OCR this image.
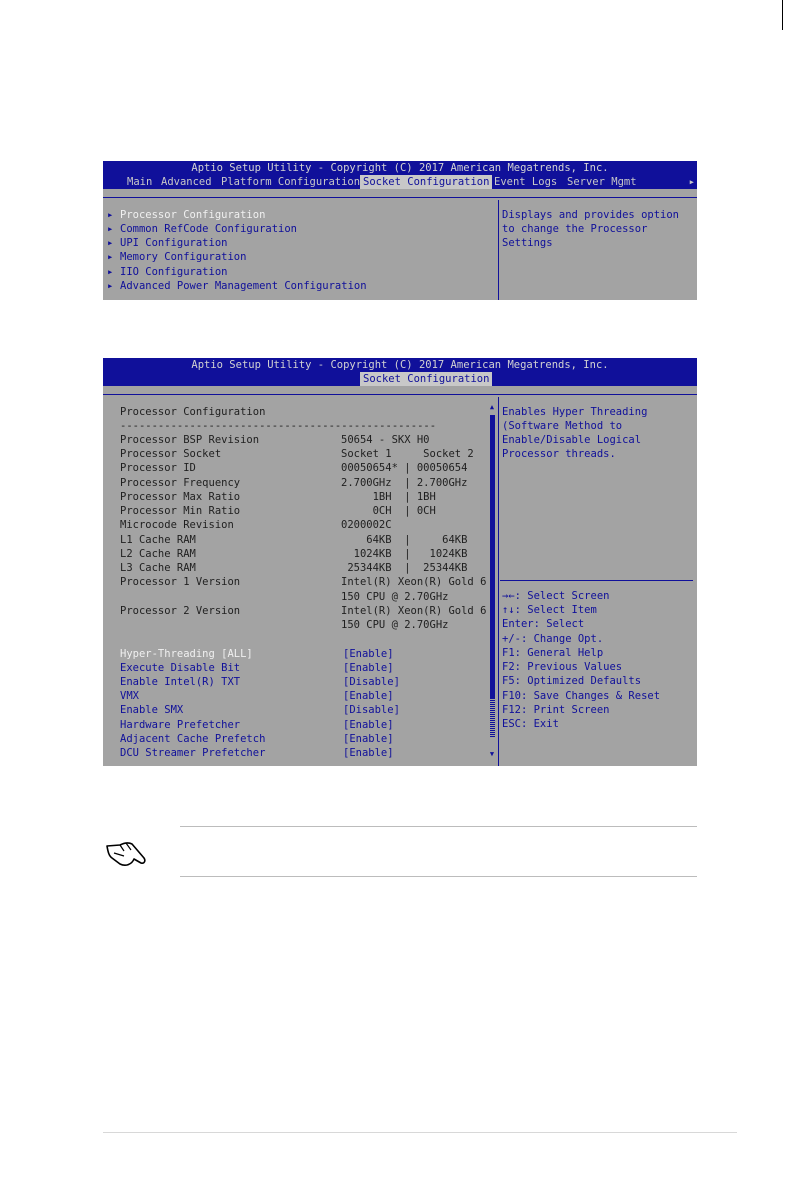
Aptio Setup Utility - Copyright (C) 2017 American Megatrends, Inc.
Main Advanced Platform Configuration Socket Configuration Event Logs Server Mgmt	▸
▸ Processor Configuration
▸ Common RefCode Configuration
▸ UPI Configuration
▸ Memory Configuration
▸ IIO Configuration
▸ Advanced Power Management Configuration
Displays and provides option
to change the Processor
Settings
Aptio Setup Utility - Copyright (C) 2017 American Megatrends, Inc.
Socket Configuration
Processor Configuration
--------------------------------------------------
Processor BSP Revision	50654 - SKX H0
Processor Socket	Socket 1     Socket 2
Processor ID	00050654* | 00050654
Processor Frequency	2.700GHz  | 2.700GHz
Processor Max Ratio	1BH  | 1BH
Processor Min Ratio	0CH  | 0CH
Microcode Revision	0200002C
L1 Cache RAM	64KB  |     64KB
L2 Cache RAM	1024KB  |   1024KB
L3 Cache RAM	25344KB  |  25344KB
Processor 1 Version	Intel(R) Xeon(R) Gold 6
150 CPU @ 2.70GHz
Processor 2 Version	Intel(R) Xeon(R) Gold 6
150 CPU @ 2.70GHz
Hyper-Threading [ALL]	[Enable]
Execute Disable Bit	[Enable]
Enable Intel(R) TXT	[Disable]
VMX	[Enable]
Enable SMX	[Disable]
Hardware Prefetcher	[Enable]
Adjacent Cache Prefetch	[Enable]
DCU Streamer Prefetcher	[Enable]
▲
▼
Enables Hyper Threading
(Software Method to
Enable/Disable Logical
Processor threads.
→←: Select Screen
↑↓: Select Item
Enter: Select
+/-: Change Opt.
F1: General Help
F2: Previous Values
F5: Optimized Defaults
F10: Save Changes & Reset
F12: Print Screen
ESC: Exit
